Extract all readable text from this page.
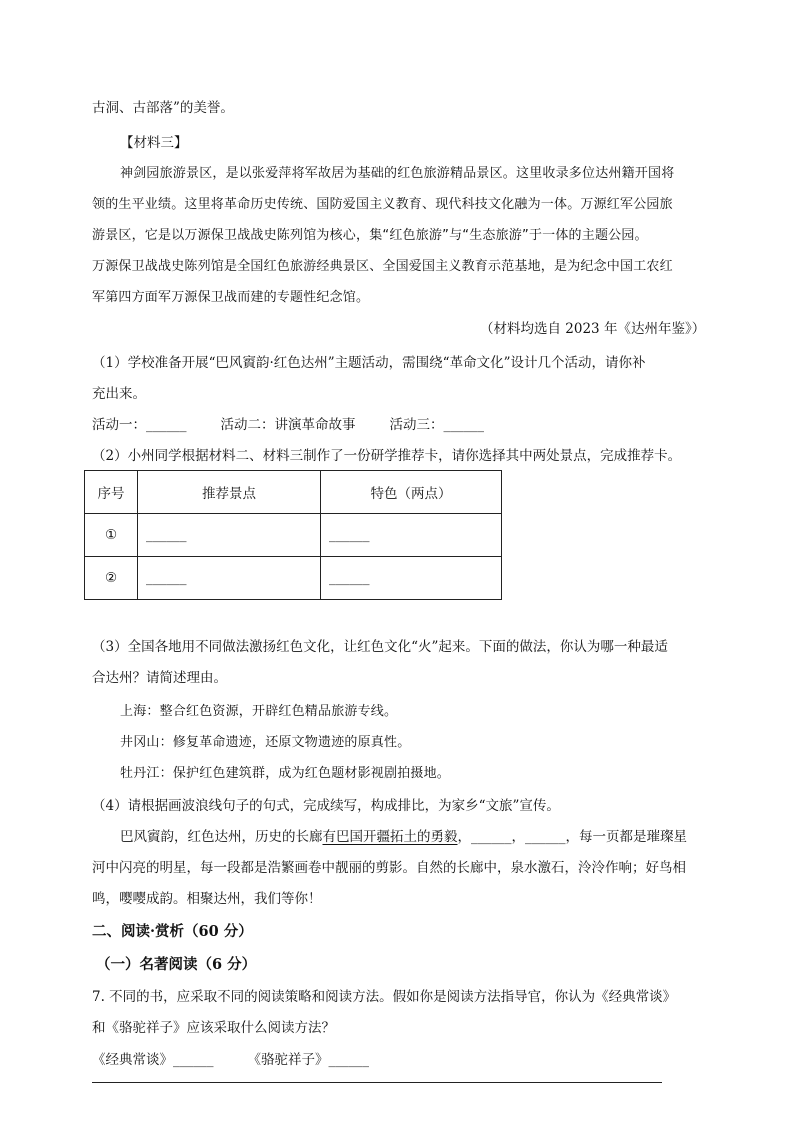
古洞、古部落”的美誉。
【材料三】
神剑园旅游景区，是以张爱萍将军故居为基础的红色旅游精品景区。这里收录多位达州籍开国将
领的生平业绩。这里将革命历史传统、国防爱国主义教育、现代科技文化融为一体。万源红军公园旅
游景区，它是以万源保卫战战史陈列馆为核心，集“红色旅游”与“生态旅游”于一体的主题公园。
万源保卫战战史陈列馆是全国红色旅游经典景区、全国爱国主义教育示范基地，是为纪念中国工农红
军第四方面军万源保卫战而建的专题性纪念馆。
（材料均选自 2023 年《达州年鉴》）
（1）学校准备开展“巴风賨韵·红色达州”主题活动，需围绕“革命文化”设计几个活动，请你补
充出来。
活动一：______	活动二：讲演革命故事	活动三：______
（2）小州同学根据材料二、材料三制作了一份研学推荐卡，请你选择其中两处景点，完成推荐卡。
序号	推荐景点	特色（两点）
①	______	______
②	______	______
（3）全国各地用不同做法激扬红色文化，让红色文化“火”起来。下面的做法，你认为哪一种最适
合达州？请简述理由。
上海：整合红色资源，开辟红色精品旅游专线。
井冈山：修复革命遗迹，还原文物遗迹的原真性。
牡丹江：保护红色建筑群，成为红色题材影视剧拍摄地。
（4）请根据画波浪线句子的句式，完成续写，构成排比，为家乡“文旅”宣传。
巴风賨韵，红色达州，历史的长廊有巴国开疆拓土的勇毅，______，______，每一页都是璀璨星
河中闪亮的明星，每一段都是浩繁画卷中靓丽的剪影。自然的长廊中，泉水激石，泠泠作响；好鸟相
鸣，嘤嘤成韵。相聚达州，我们等你！
二、阅读·赏析（60 分）
（一）名著阅读（6 分）
7. 不同的书，应采取不同的阅读策略和阅读方法。假如你是阅读方法指导官，你认为《经典常谈》
和《骆驼祥子》应该采取什么阅读方法？
《经典常谈》______	《骆驼祥子》______
